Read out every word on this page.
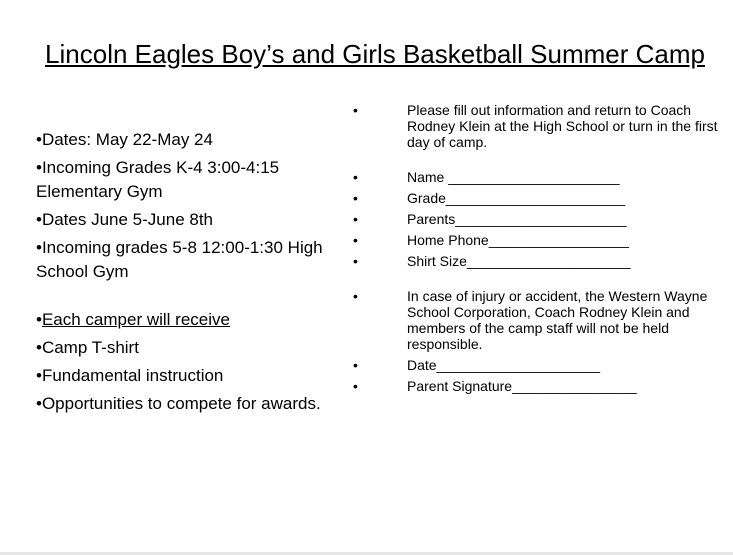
Lincoln Eagles Boy’s and Girls Basketball Summer Camp
•Dates: May 22-May 24
•Incoming Grades K-4 3:00-4:15 Elementary Gym
•Dates June 5-June 8th
•Incoming grades 5-8 12:00-1:30 High School Gym
•Each camper will receive
•Camp T-shirt
•Fundamental instruction
•Opportunities to compete for awards.
•	Please fill out information and return to Coach Rodney Klein at the High School or turn in the first day of camp.
•	Name ______________________
•	Grade_______________________
•	Parents______________________
•	Home Phone__________________
•	Shirt Size_____________________
•	In case of injury or accident, the Western Wayne School Corporation, Coach Rodney Klein and members of the camp staff will not be held responsible.
•	Date_____________________
•	Parent Signature________________
